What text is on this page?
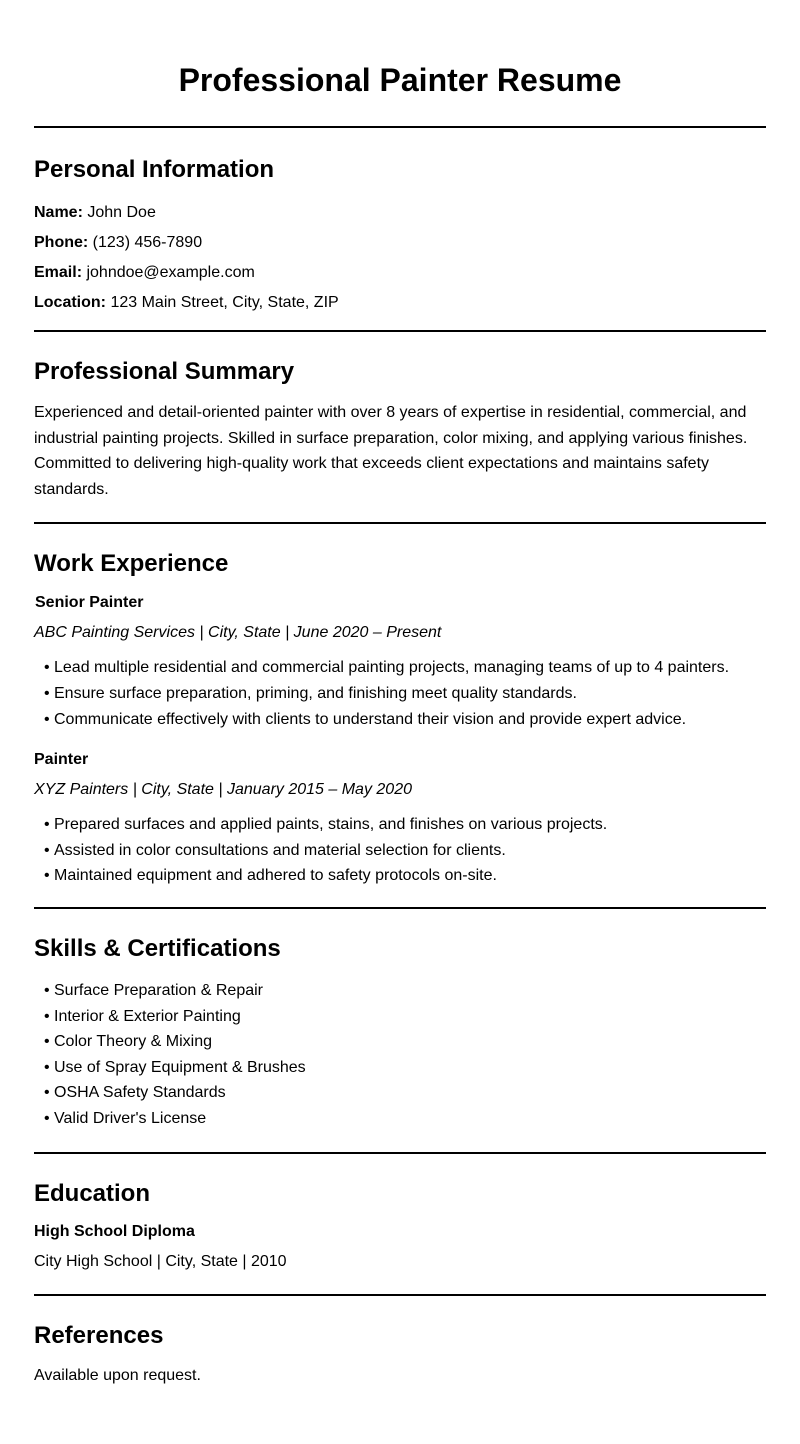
Professional Painter Resume
Personal Information
Name: John Doe
Phone: (123) 456-7890
Email: johndoe@example.com
Location: 123 Main Street, City, State, ZIP
Professional Summary

Experienced and detail-oriented painter with over 8 years of expertise in residential, commercial, and industrial painting projects. Skilled in surface preparation, color mixing, and applying various finishes. Committed to delivering high-quality work that exceeds client expectations and maintains safety standards.

Work Experience
Senior Painter
ABC Painting Services | City, State | June 2020 – Present
• Lead multiple residential and commercial painting projects, managing teams of up to 4 painters.
• Ensure surface preparation, priming, and finishing meet quality standards.
• Communicate effectively with clients to understand their vision and provide expert advice.
Painter
XYZ Painters | City, State | January 2015 – May 2020
• Prepared surfaces and applied paints, stains, and finishes on various projects.
• Assisted in color consultations and material selection for clients.
• Maintained equipment and adhered to safety protocols on-site.
Skills & Certifications
• Surface Preparation & Repair
• Interior & Exterior Painting
• Color Theory & Mixing
• Use of Spray Equipment & Brushes
• OSHA Safety Standards
• Valid Driver's License
Education
High School Diploma
City High School | City, State | 2010
References

Available upon request.
